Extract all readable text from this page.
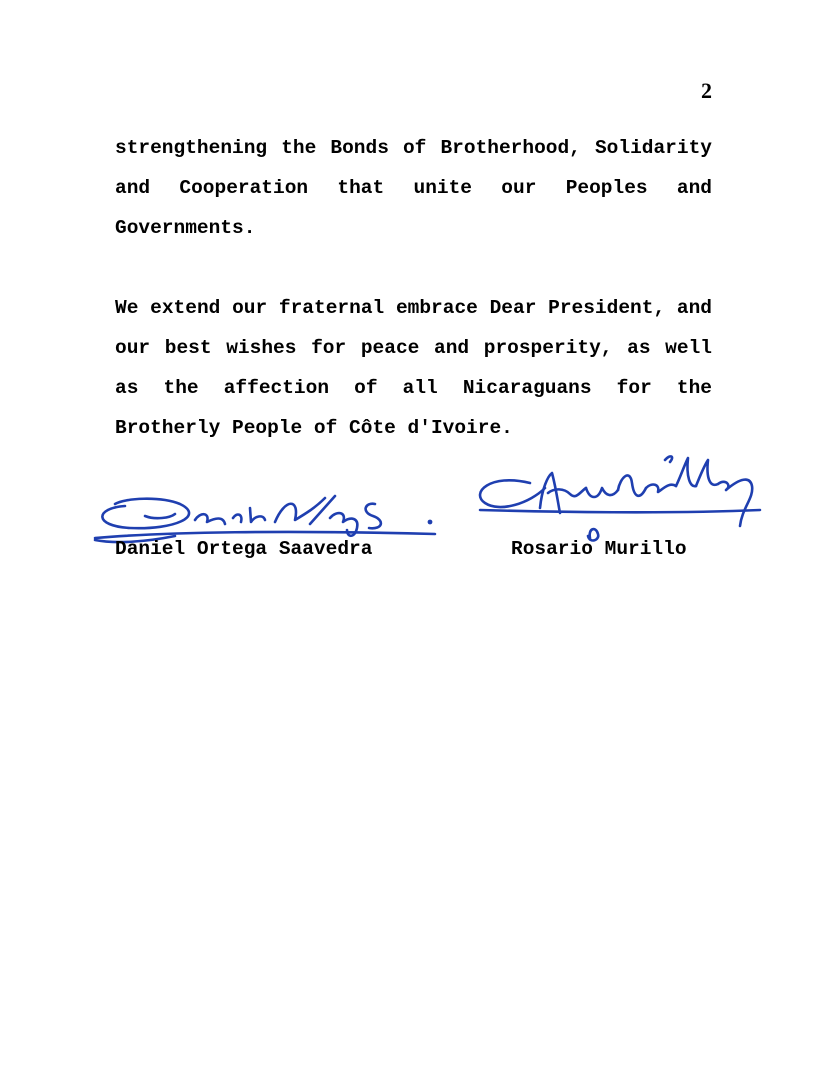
2

strengthening the Bonds of Brotherhood, Solidarity and Cooperation that unite our Peoples and Governments.

We extend our fraternal embrace Dear President, and our best wishes for peace and prosperity, as well as the affection of all Nicaraguans for the Brotherly People of Côte d'Ivoire.

Daniel Ortega Saavedra	Rosario Murillo
